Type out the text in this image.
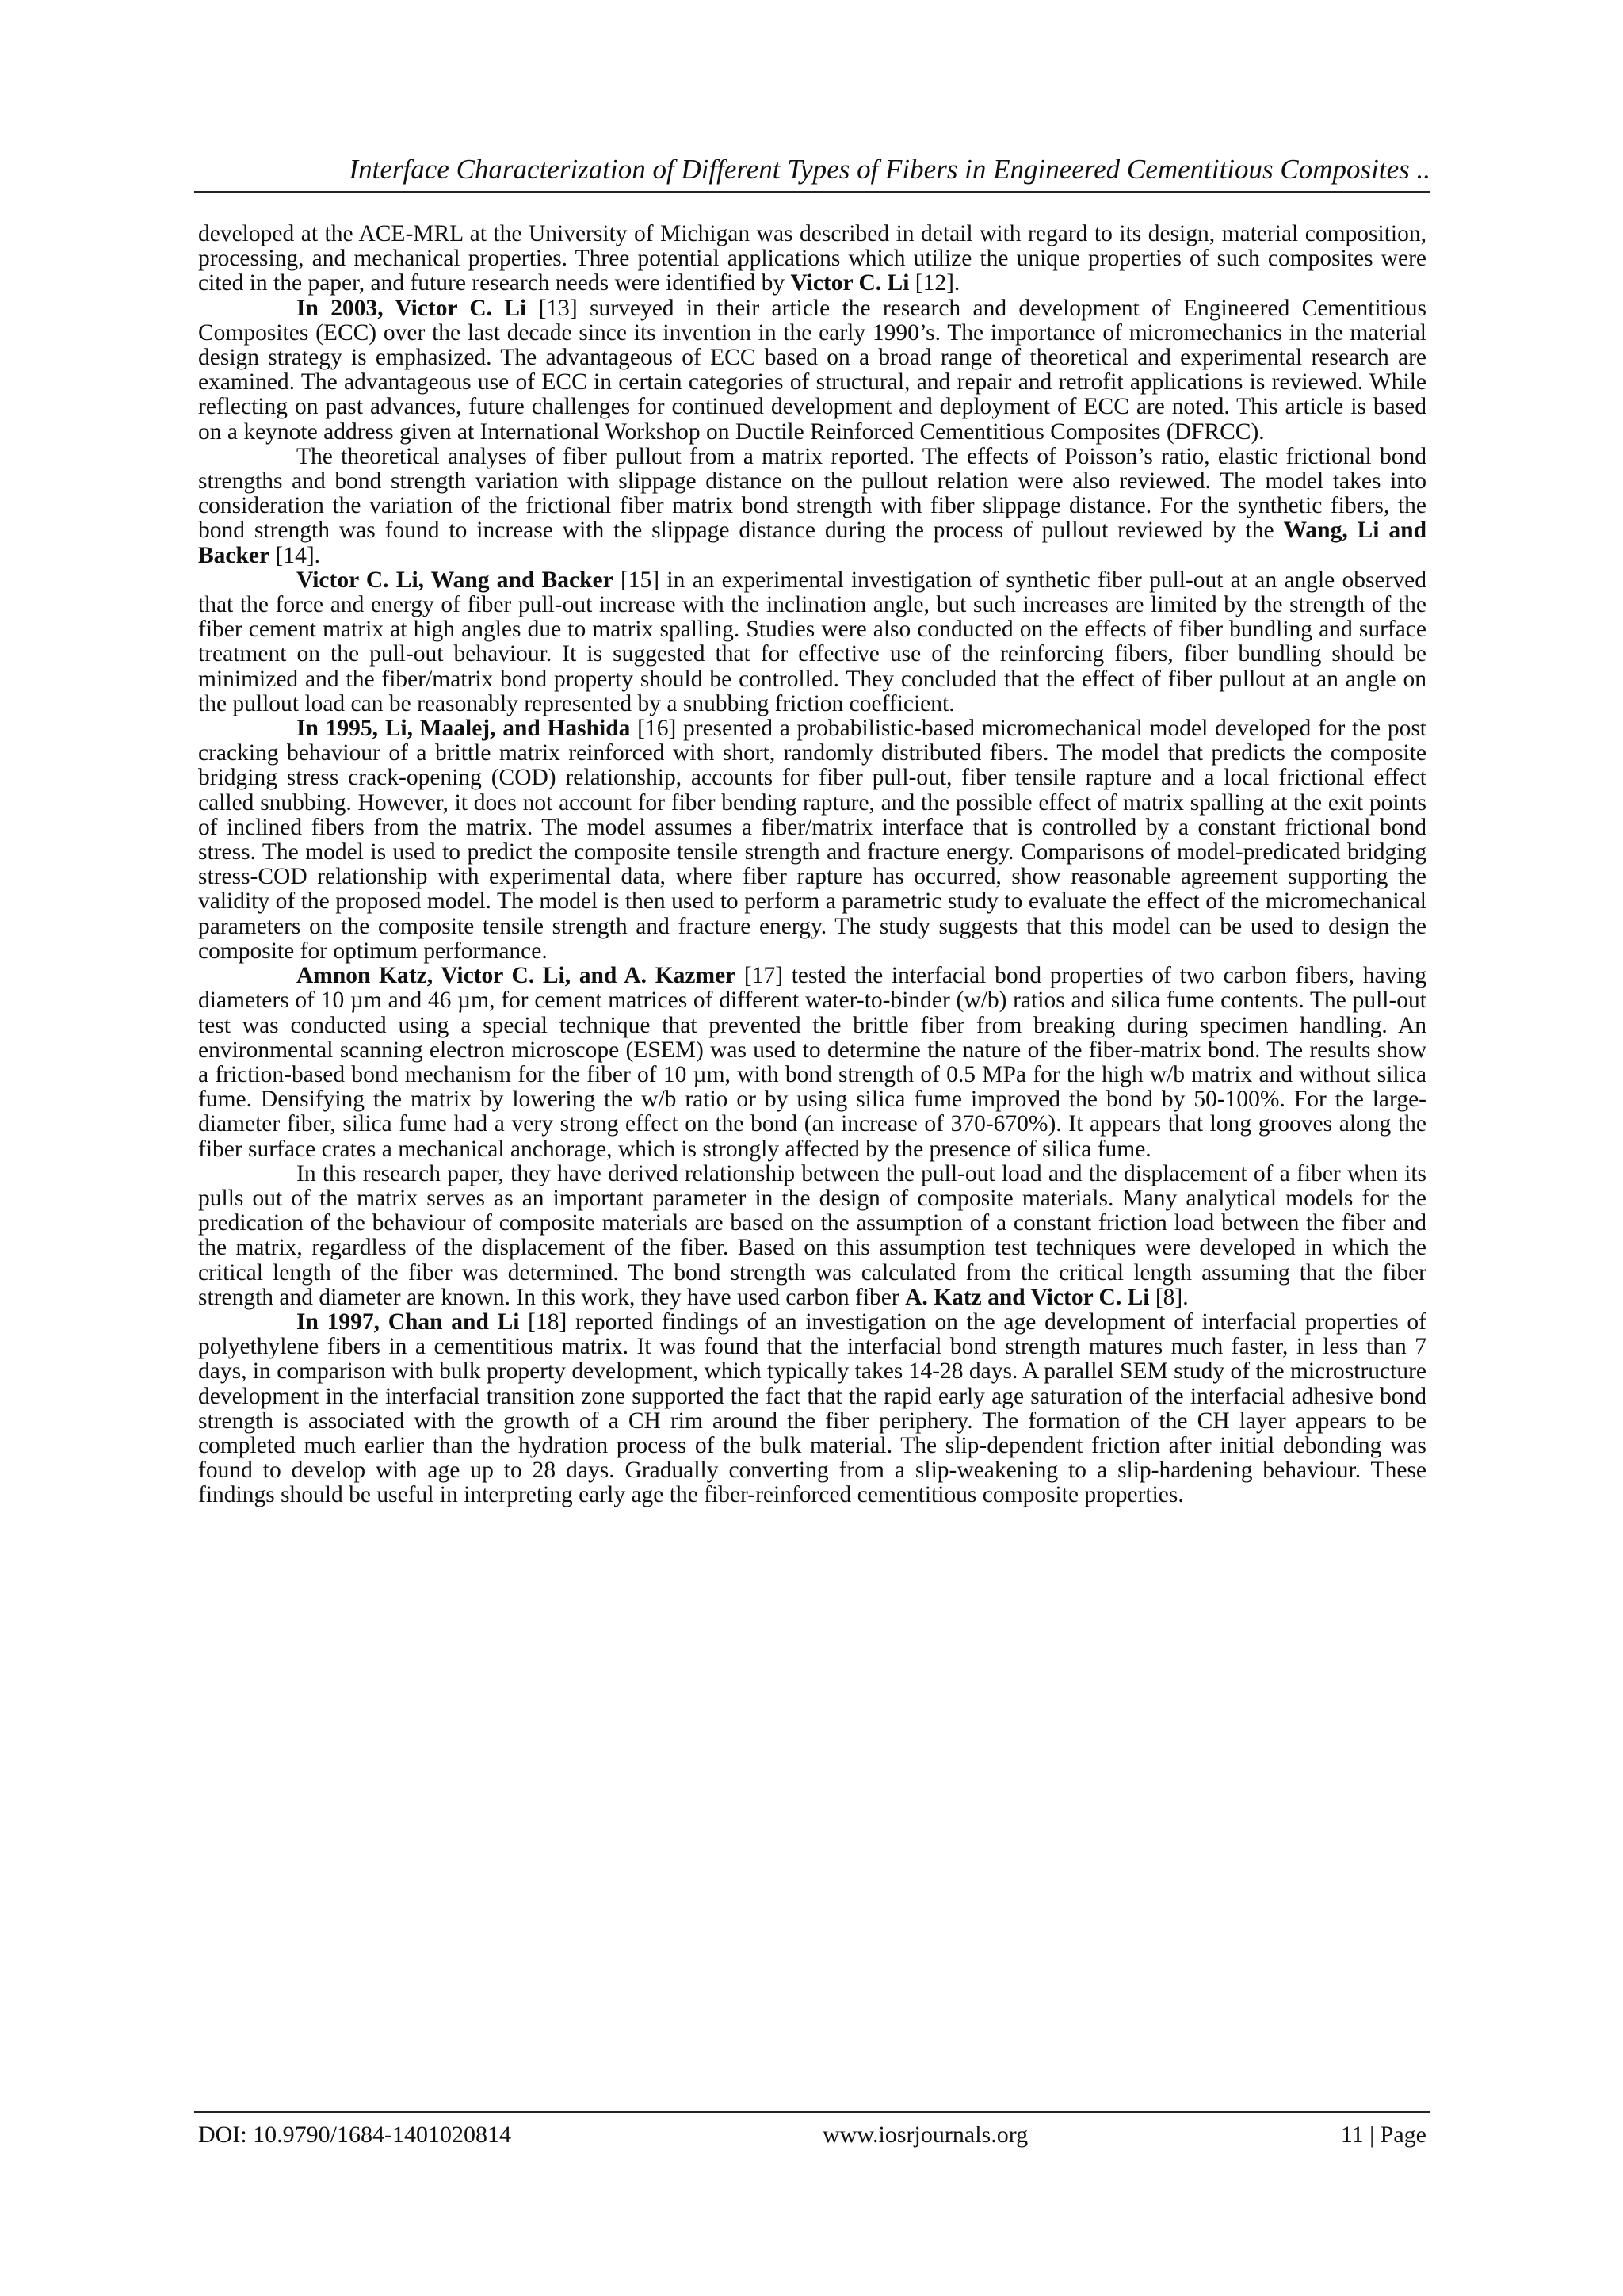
Interface Characterization of Different Types of Fibers in Engineered Cementitious Composites ..

developed at the ACE-MRL at the University of Michigan was described in detail with regard to its design, material composition, processing, and mechanical properties. Three potential applications which utilize the unique properties of such composites were cited in the paper, and future research needs were identified by Victor C. Li [12].

In 2003, Victor C. Li [13] surveyed in their article the research and development of Engineered Cementitious Composites (ECC) over the last decade since its invention in the early 1990’s. The importance of micromechanics in the material design strategy is emphasized. The advantageous of ECC based on a broad range of theoretical and experimental research are examined. The advantageous use of ECC in certain categories of structural, and repair and retrofit applications is reviewed. While reflecting on past advances, future challenges for continued development and deployment of ECC are noted. This article is based on a keynote address given at International Workshop on Ductile Reinforced Cementitious Composites (DFRCC).

The theoretical analyses of fiber pullout from a matrix reported. The effects of Poisson’s ratio, elastic frictional bond strengths and bond strength variation with slippage distance on the pullout relation were also reviewed. The model takes into consideration the variation of the frictional fiber matrix bond strength with fiber slippage distance. For the synthetic fibers, the bond strength was found to increase with the slippage distance during the process of pullout reviewed by the Wang, Li and Backer [14].

Victor C. Li, Wang and Backer [15] in an experimental investigation of synthetic fiber pull-out at an angle observed that the force and energy of fiber pull-out increase with the inclination angle, but such increases are limited by the strength of the fiber cement matrix at high angles due to matrix spalling. Studies were also conducted on the effects of fiber bundling and surface treatment on the pull-out behaviour. It is suggested that for effective use of the reinforcing fibers, fiber bundling should be minimized and the fiber/matrix bond property should be controlled. They concluded that the effect of fiber pullout at an angle on the pullout load can be reasonably represented by a snubbing friction coefficient.

In 1995, Li, Maalej, and Hashida [16] presented a probabilistic-based micromechanical model developed for the post cracking behaviour of a brittle matrix reinforced with short, randomly distributed fibers. The model that predicts the composite bridging stress crack-opening (COD) relationship, accounts for fiber pull-out, fiber tensile rapture and a local frictional effect called snubbing. However, it does not account for fiber bending rapture, and the possible effect of matrix spalling at the exit points of inclined fibers from the matrix. The model assumes a fiber/matrix interface that is controlled by a constant frictional bond stress. The model is used to predict the composite tensile strength and fracture energy. Comparisons of model-predicated bridging stress-COD relationship with experimental data, where fiber rapture has occurred, show reasonable agreement supporting the validity of the proposed model. The model is then used to perform a parametric study to evaluate the effect of the micromechanical parameters on the composite tensile strength and fracture energy. The study suggests that this model can be used to design the composite for optimum performance.

Amnon Katz, Victor C. Li, and A. Kazmer [17] tested the interfacial bond properties of two carbon fibers, having diameters of 10 µm and 46 µm, for cement matrices of different water-to-binder (w/b) ratios and silica fume contents. The pull-out test was conducted using a special technique that prevented the brittle fiber from breaking during specimen handling. An environmental scanning electron microscope (ESEM) was used to determine the nature of the fiber-matrix bond. The results show a friction-based bond mechanism for the fiber of 10 µm, with bond strength of 0.5 MPa for the high w/b matrix and without silica fume. Densifying the matrix by lowering the w/b ratio or by using silica fume improved the bond by 50-100%. For the large-diameter fiber, silica fume had a very strong effect on the bond (an increase of 370-670%). It appears that long grooves along the fiber surface crates a mechanical anchorage, which is strongly affected by the presence of silica fume.

In this research paper, they have derived relationship between the pull-out load and the displacement of a fiber when its pulls out of the matrix serves as an important parameter in the design of composite materials. Many analytical models for the predication of the behaviour of composite materials are based on the assumption of a constant friction load between the fiber and the matrix, regardless of the displacement of the fiber. Based on this assumption test techniques were developed in which the critical length of the fiber was determined. The bond strength was calculated from the critical length assuming that the fiber strength and diameter are known. In this work, they have used carbon fiber A. Katz and Victor C. Li [8].

In 1997, Chan and Li [18] reported findings of an investigation on the age development of interfacial properties of polyethylene fibers in a cementitious matrix. It was found that the interfacial bond strength matures much faster, in less than 7 days, in comparison with bulk property development, which typically takes 14-28 days. A parallel SEM study of the microstructure development in the interfacial transition zone supported the fact that the rapid early age saturation of the interfacial adhesive bond strength is associated with the growth of a CH rim around the fiber periphery. The formation of the CH layer appears to be completed much earlier than the hydration process of the bulk material. The slip-dependent friction after initial debonding was found to develop with age up to 28 days. Gradually converting from a slip-weakening to a slip-hardening behaviour. These findings should be useful in interpreting early age the fiber-reinforced cementitious composite properties.

DOI: 10.9790/1684-1401020814	www.iosrjournals.org	11 | Page
